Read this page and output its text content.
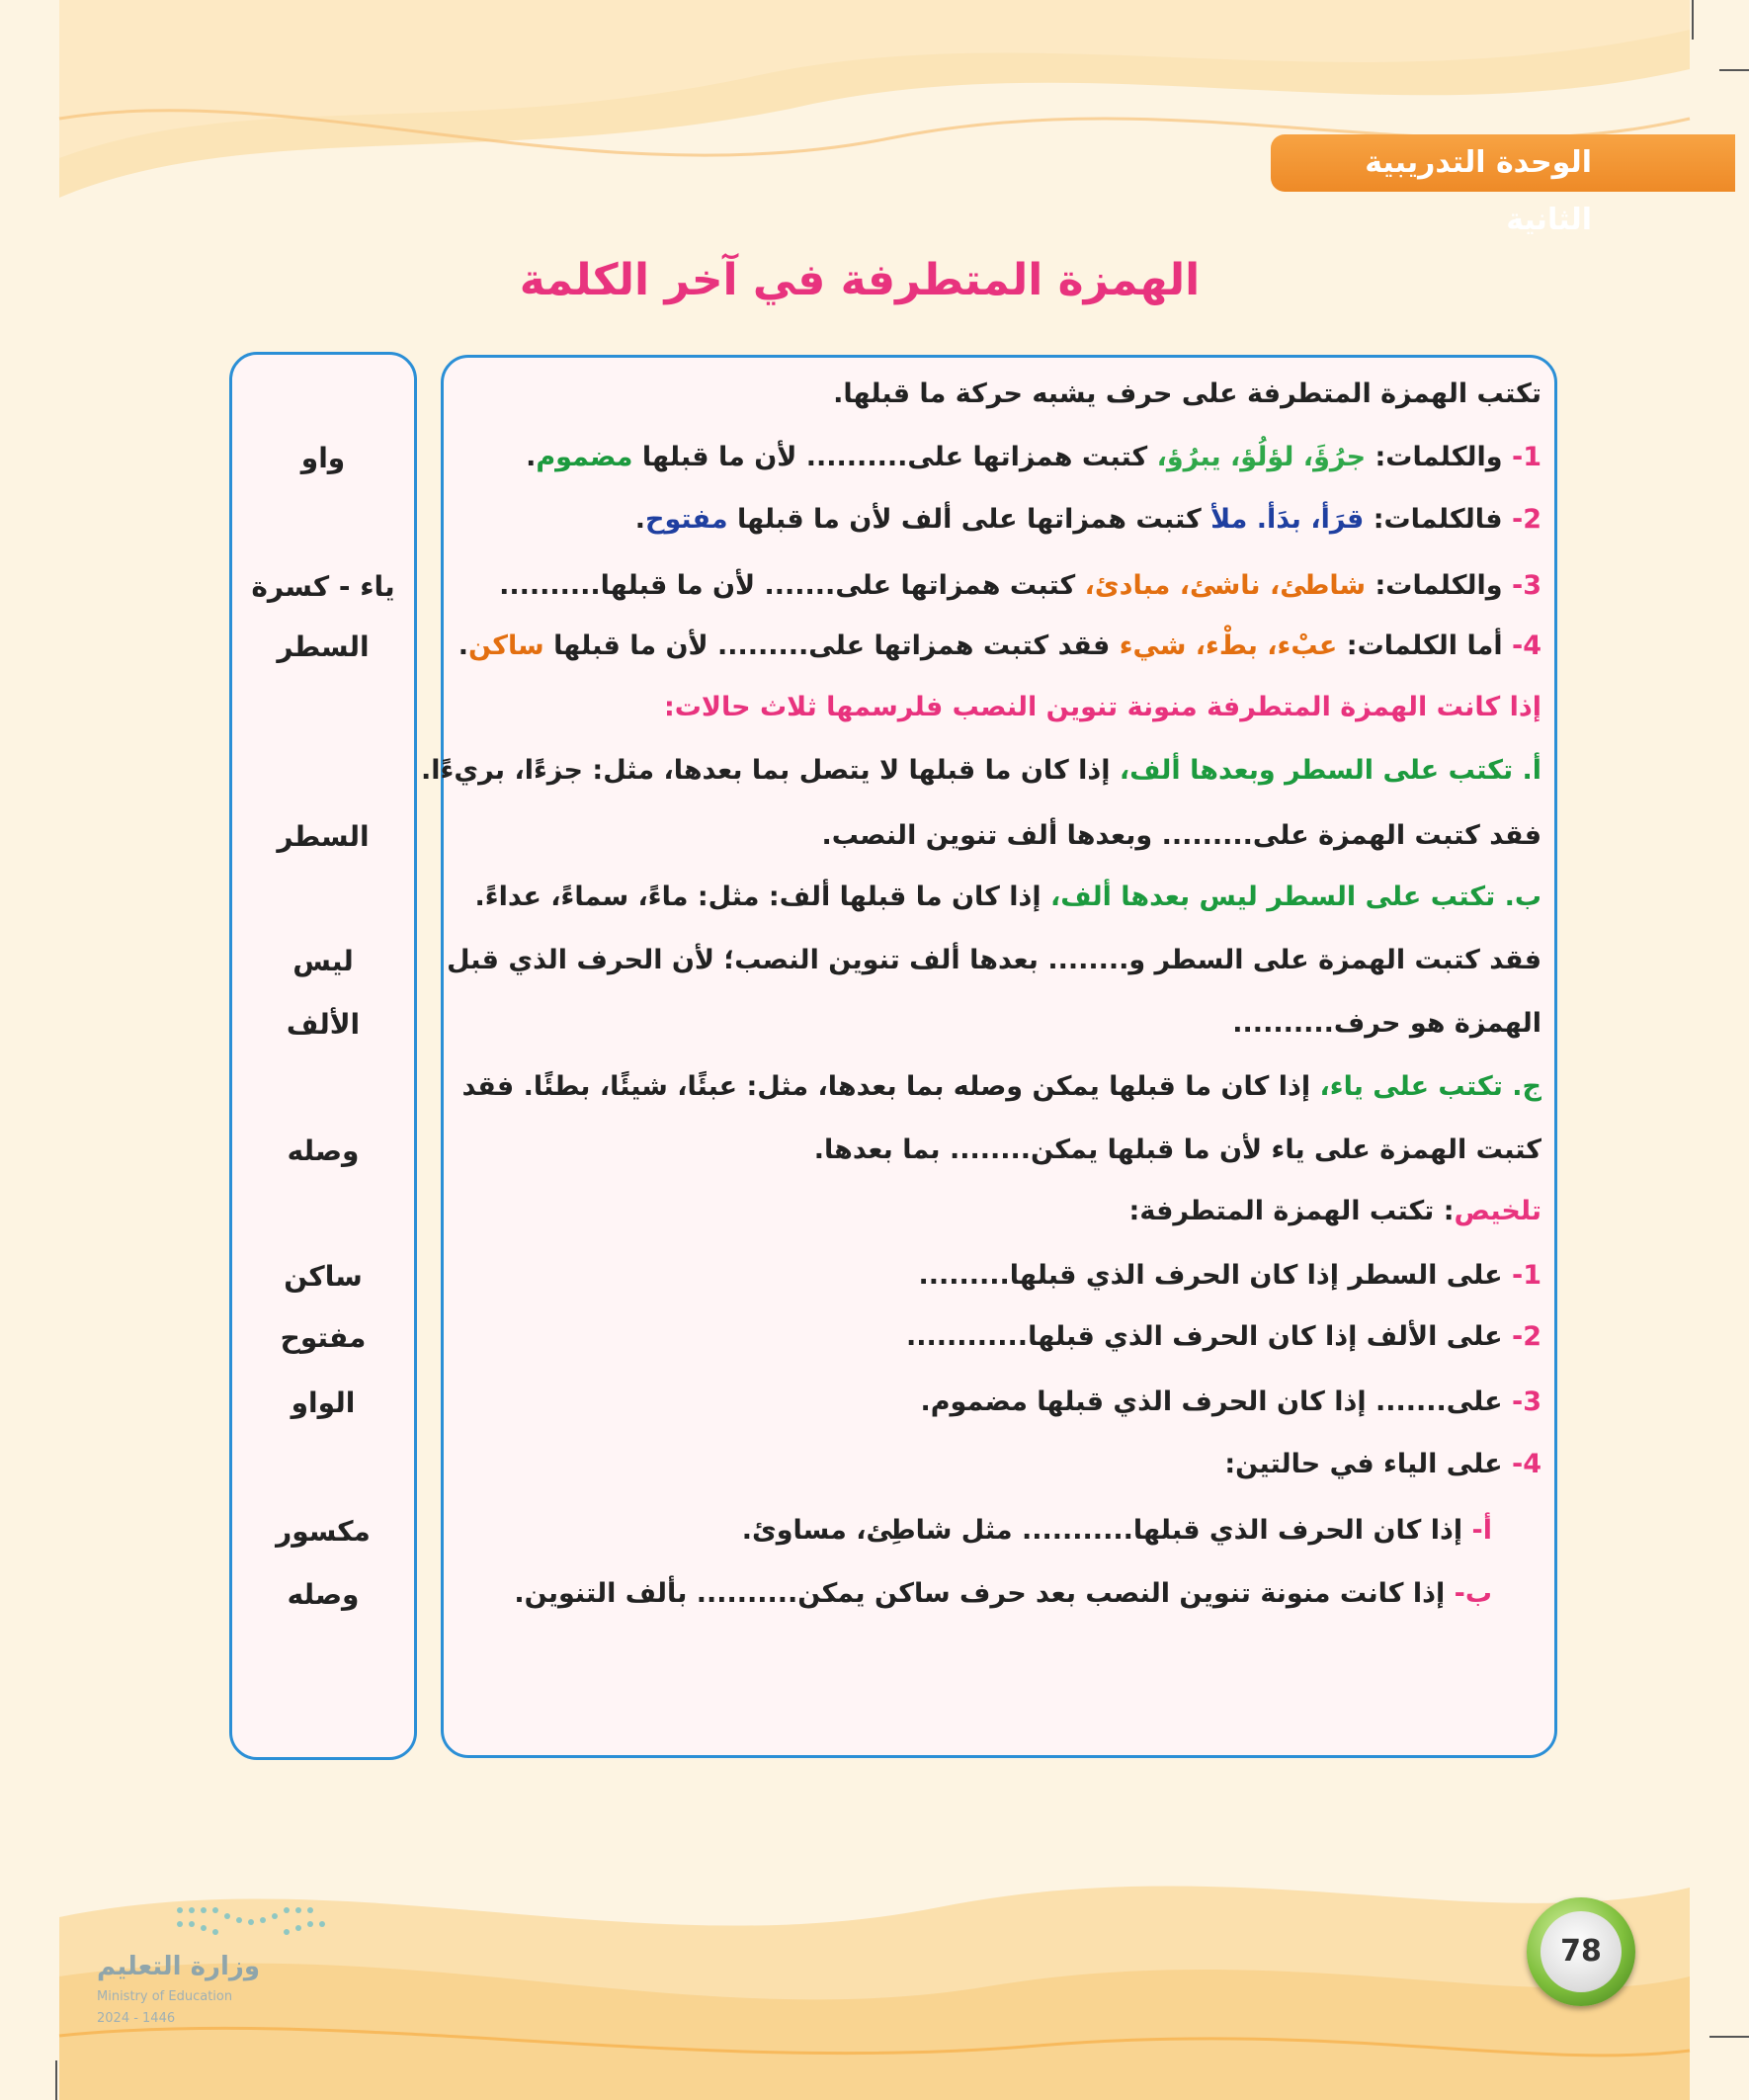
الوحدة التدريبية الثانية
الهمزة المتطرفة في آخر الكلمة
واو
ياء - كسرة
السطر
السطر
ليس
الألف
وصله
ساكن
مفتوح
الواو
مكسور
وصله
تكتب الهمزة المتطرفة على حرف يشبه حركة ما قبلها.
1- والكلمات: جرُؤَ، لؤلُؤ، يبرُؤ، كتبت همزاتها على.......... لأن ما قبلها مضموم.
2- فالكلمات: قرَأ، بدَأ. ملأ كتبت همزاتها على ألف لأن ما قبلها مفتوح.
3- والكلمات: شاطئ، ناشئ، مبادئ، كتبت همزاتها على....... لأن ما قبلها..........
4- أما الكلمات: عبْء، بطْء، شيء فقد كتبت همزاتها على......... لأن ما قبلها ساكن.
إذا كانت الهمزة المتطرفة منونة تنوين النصب فلرسمها ثلاث حالات:
أ. تكتب على السطر وبعدها ألف، إذا كان ما قبلها لا يتصل بما بعدها، مثل: جزءًا، بريءًا.
فقد كتبت الهمزة على......... وبعدها ألف تنوين النصب.
ب. تكتب على السطر ليس بعدها ألف، إذا كان ما قبلها ألف: مثل: ماءً، سماءً، عداءً.
فقد كتبت الهمزة على السطر و........ بعدها ألف تنوين النصب؛ لأن الحرف الذي قبل
الهمزة هو حرف..........
ج. تكتب على ياء، إذا كان ما قبلها يمكن وصله بما بعدها، مثل: عبئًا، شيئًا، بطئًا. فقد
كتبت الهمزة على ياء لأن ما قبلها يمكن........ بما بعدها.
تلخيص: تكتب الهمزة المتطرفة:
1- على السطر إذا كان الحرف الذي قبلها.........
2- على الألف إذا كان الحرف الذي قبلها............
3- على....... إذا كان الحرف الذي قبلها مضموم.
4- على الياء في حالتين:
أ- إذا كان الحرف الذي قبلها........... مثل شاطِئ، مساوئ.
ب- إذا كانت منونة تنوين النصب بعد حرف ساكن يمكن.......... بألف التنوين.
78
وزارة التعليم
Ministry of Education
2024 - 1446
